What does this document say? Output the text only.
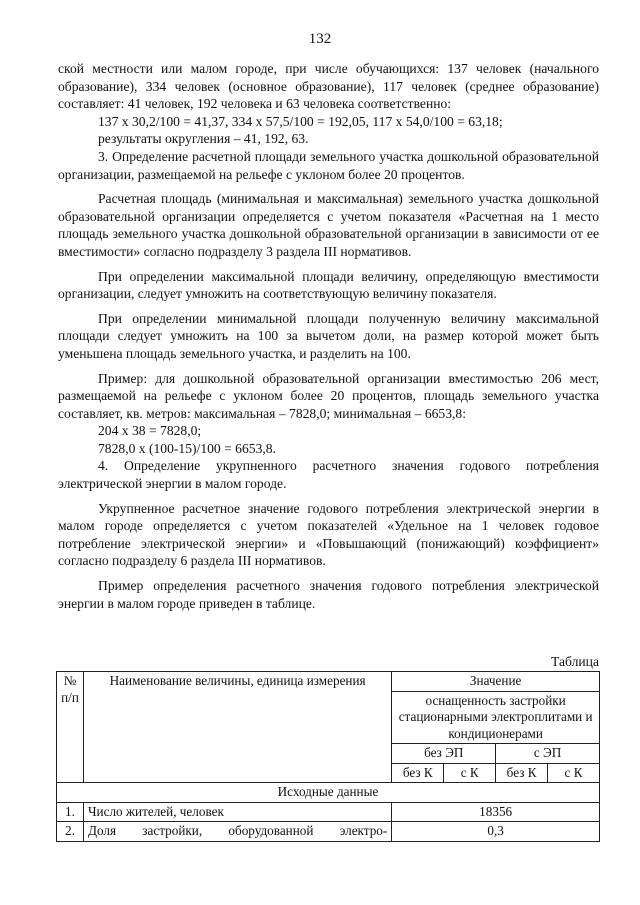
132

ской местности или малом городе, при числе обучающихся: 137 человек (начального образование), 334 человек (основное образование), 117 человек (среднее образование) составляет: 41 человек, 192 человека и 63 человека соответственно:

137 x 30,2/100 = 41,37, 334 x 57,5/100 = 192,05, 117 x 54,0/100 = 63,18;

результаты округления – 41, 192, 63.

3. Определение расчетной площади земельного участка дошкольной образовательной организации, размещаемой на рельефе с уклоном более 20 процентов.

Расчетная площадь (минимальная и максимальная) земельного участка дошкольной образовательной организации определяется с учетом показателя «Расчетная на 1 место площадь земельного участка дошкольной образовательной организации в зависимости от ее вместимости» согласно подразделу 3 раздела III нормативов.

При определении максимальной площади величину, определяющую вместимости организации, следует умножить на соответствующую величину показателя.

При определении минимальной площади полученную величину максимальной площади следует умножить на 100 за вычетом доли, на размер которой может быть уменьшена площадь земельного участка, и разделить на 100.

Пример: для дошкольной образовательной организации вместимостью 206 мест, размещаемой на рельефе с уклоном более 20 процентов, площадь земельного участка составляет, кв. метров: максимальная – 7828,0; минимальная – 6653,8:

204 x 38 = 7828,0;

7828,0 x (100-15)/100 = 6653,8.

4. Определение укрупненного расчетного значения годового потребления электрической энергии в малом городе.

Укрупненное расчетное значение годового потребления электрической энергии в малом городе определяется с учетом показателей «Удельное на 1 человек годовое потребление электрической энергии» и «Повышающий (понижающий) коэффициент» согласно подразделу 6 раздела III нормативов.

Пример определения расчетного значения годового потребления электрической энергии в малом городе приведен в таблице.

Таблица
№ п/п	Наименование величины, единица измерения	Значение			
		оснащенность застройки стационарными электроплитами и кондиционерами			
		без ЭП		с ЭП	
		без К	с К	без К	с К
Исходные данные					
1.	Число жителей, человек	18356			
2.	Доля застройки, оборудованной электро-	0,3			
